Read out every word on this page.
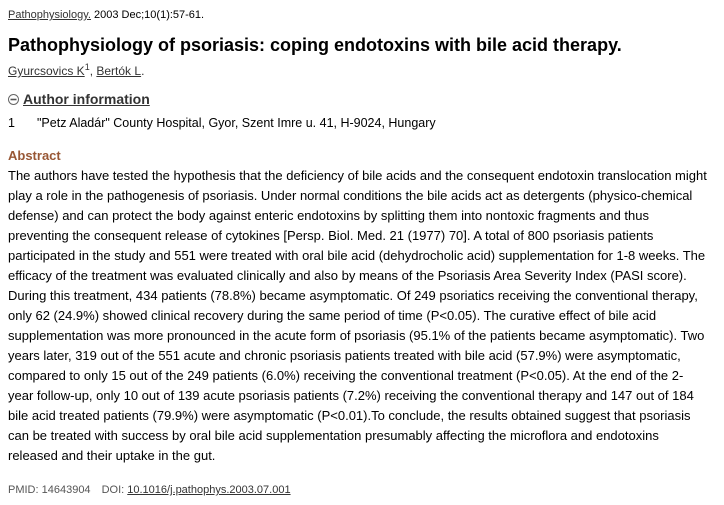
Pathophysiology. 2003 Dec;10(1):57-61.
Pathophysiology of psoriasis: coping endotoxins with bile acid therapy.
Gyurcsovics $K^1$, Bertók L.
Author information
1	"Petz Aladár" County Hospital, Gyor, Szent Imre u. 41, H-9024, Hungary
Abstract
The authors have tested the hypothesis that the deficiency of bile acids and the consequent endotoxin translocation might play a role in the pathogenesis of psoriasis. Under normal conditions the bile acids act as detergents (physico-chemical defense) and can protect the body against enteric endotoxins by splitting them into nontoxic fragments and thus preventing the consequent release of cytokines [Persp. Biol. Med. 21 (1977) 70]. A total of 800 psoriasis patients participated in the study and 551 were treated with oral bile acid (dehydrocholic acid) supplementation for 1-8 weeks. The efficacy of the treatment was evaluated clinically and also by means of the Psoriasis Area Severity Index (PASI score). During this treatment, 434 patients (78.8%) became asymptomatic. Of 249 psoriatics receiving the conventional therapy, only 62 (24.9%) showed clinical recovery during the same period of time (P<0.05). The curative effect of bile acid supplementation was more pronounced in the acute form of psoriasis (95.1% of the patients became asymptomatic). Two years later, 319 out of the 551 acute and chronic psoriasis patients treated with bile acid (57.9%) were asymptomatic, compared to only 15 out of the 249 patients (6.0%) receiving the conventional treatment (P<0.05). At the end of the 2-year follow-up, only 10 out of 139 acute psoriasis patients (7.2%) receiving the conventional therapy and 147 out of 184 bile acid treated patients (79.9%) were asymptomatic (P<0.01).To conclude, the results obtained suggest that psoriasis can be treated with success by oral bile acid supplementation presumably affecting the microflora and endotoxins released and their uptake in the gut.
PMID: 14643904 DOI: 10.1016/j.pathophys.2003.07.001
